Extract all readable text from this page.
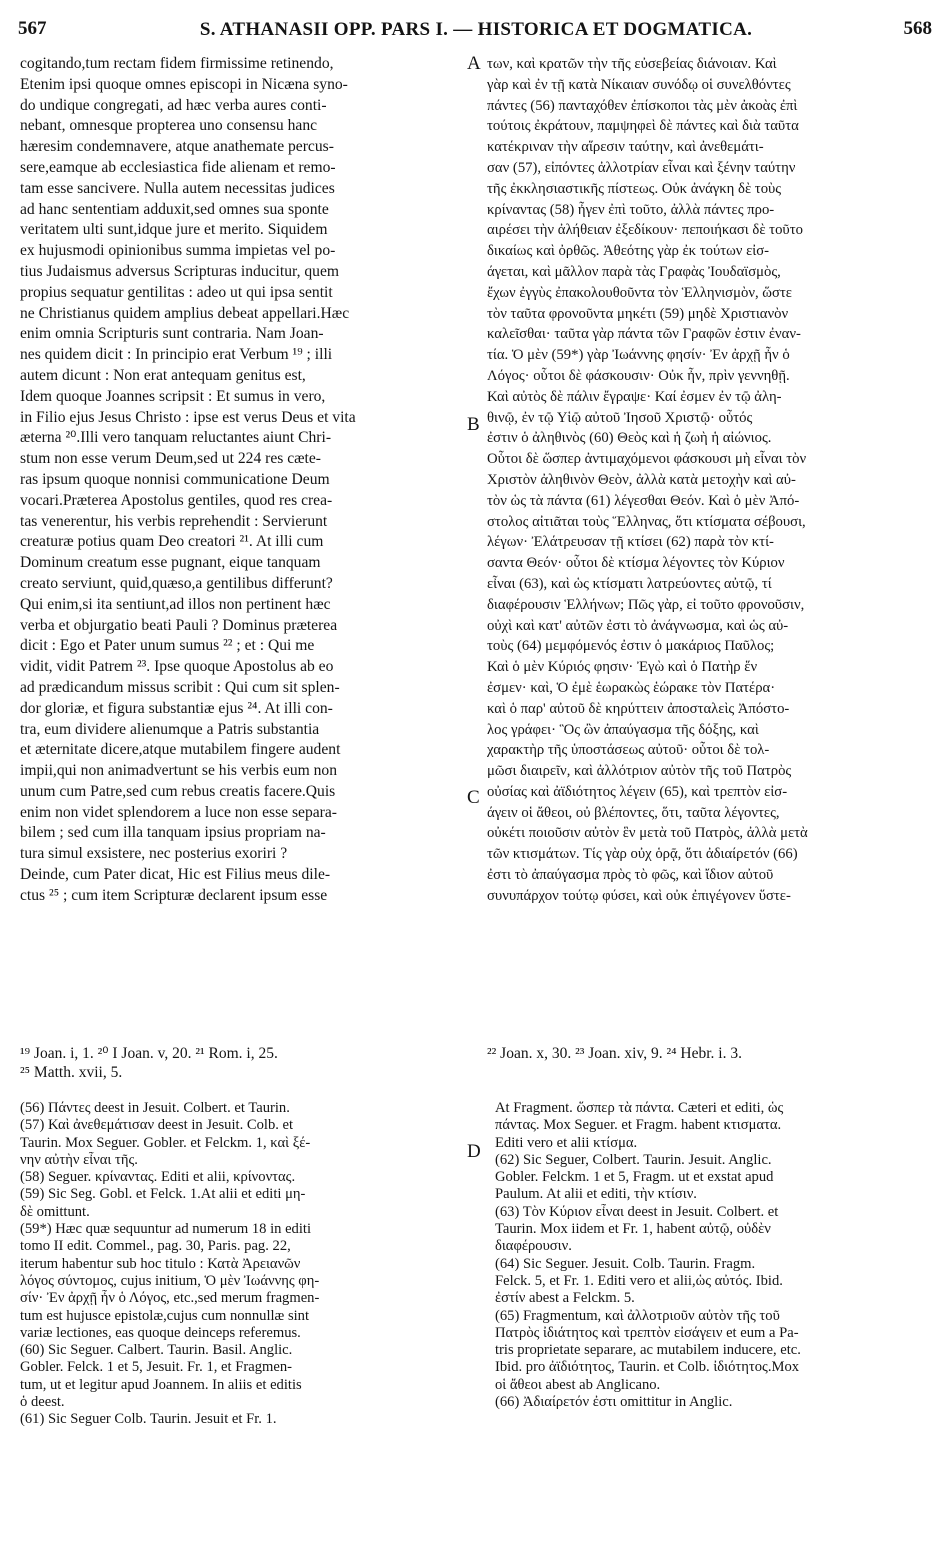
567	S. ATHANASII OPP. PARS I. — HISTORICA ET DOGMATICA.	568

cogitando,tum rectam fidem firmissime retinendo,

Etenim ipsi quoque omnes episcopi in Nicæna syno-

do undique congregati, ad hæc verba aures conti-

nebant, omnesque propterea uno consensu hanc

hæresim condemnavere, atque anathemate percus-

sere,eamque ab ecclesiastica fide alienam et remo-

tam esse sancivere. Nulla autem necessitas judices

ad hanc sententiam adduxit,sed omnes sua sponte

veritatem ulti sunt,idque jure et merito. Siquidem

ex hujusmodi opinionibus summa impietas vel po-

tius Judaismus adversus Scripturas inducitur, quem

propius sequatur gentilitas : adeo ut qui ipsa sentit

ne Christianus quidem amplius debeat appellari.Hæc

enim omnia Scripturis sunt contraria. Nam Joan-

nes quidem dicit : In principio erat Verbum ¹⁹ ; illi

autem dicunt : Non erat antequam genitus est,

Idem quoque Joannes scripsit : Et sumus in vero,

in Filio ejus Jesus Christo : ipse est verus Deus et vita

æterna ²⁰.Illi vero tanquam reluctantes aiunt Chri-

stum non esse verum Deum,sed ut 224 res cæte-

ras ipsum quoque nonnisi communicatione Deum

vocari.Præterea Apostolus gentiles, quod res crea-

tas venerentur, his verbis reprehendit : Servierunt

creaturæ potius quam Deo creatori ²¹. At illi cum

Dominum creatum esse pugnant, eique tanquam

creato serviunt, quid,quæso,a gentilibus differunt?

Qui enim,si ita sentiunt,ad illos non pertinent hæc

verba et objurgatio beati Pauli ? Dominus præterea

dicit : Ego et Pater unum sumus ²² ; et : Qui me

vidit, vidit Patrem ²³. Ipse quoque Apostolus ab eo

ad prædicandum missus scribit : Qui cum sit splen-

dor gloriæ, et figura substantiæ ejus ²⁴. At illi con-

tra, eum dividere alienumque a Patris substantia

et æternitate dicere,atque mutabilem fingere audent

impii,qui non animadvertunt se his verbis eum non

unum cum Patre,sed cum rebus creatis facere.Quis

enim non videt splendorem a luce non esse separa-

bilem ; sed cum illa tanquam ipsius propriam na-

tura simul exsistere, nec posterius exoriri ?

Deinde, cum Pater dicat, Hic est Filius meus dile-

ctus ²⁵ ; cum item Scripturæ declarent ipsum esse

των, καὶ κρατῶν τὴν τῆς εὐσεβείας διάνοιαν. Καὶ

γὰρ καὶ ἐν τῇ κατὰ Νίκαιαν συνόδῳ οἱ συνελθόντες

πάντες (56) πανταχόθεν ἐπίσκοποι τὰς μὲν ἀκοὰς ἐπὶ

τούτοις ἐκράτουν, παμψηφεὶ δὲ πάντες καὶ διὰ ταῦτα

κατέκριναν τὴν αἵρεσιν ταύτην, καὶ ἀνεθεμάτι-

σαν (57), εἰπόντες ἀλλοτρίαν εἶναι καὶ ξένην ταύτην

τῆς ἐκκλησιαστικῆς πίστεως. Οὐκ ἀνάγκη δὲ τοὺς

κρίναντας (58) ἦγεν ἐπὶ τοῦτο, ἀλλὰ πάντες προ-

αιρέσει τὴν ἀλήθειαν ἐξεδίκουν· πεποιήκασι δὲ τοῦτο

δικαίως καὶ ὀρθῶς. Ἀθεότης γὰρ ἐκ τούτων εἰσ-

άγεται, καὶ μᾶλλον παρὰ τὰς Γραφὰς Ἰουδαϊσμὸς,

ἔχων ἐγγὺς ἐπακολουθοῦντα τὸν Ἑλληνισμὸν, ὥστε

τὸν ταῦτα φρονοῦντα μηκέτι (59) μηδὲ Χριστιανὸν

καλεῖσθαι· ταῦτα γὰρ πάντα τῶν Γραφῶν ἐστιν ἐναν-

τία. Ὁ μὲν (59*) γὰρ Ἰωάννης φησίν· Ἐν ἀρχῇ ἦν ὁ

Λόγος· οὗτοι δὲ φάσκουσιν· Οὐκ ἦν, πρὶν γεννηθῇ.

Καὶ αὐτὸς δὲ πάλιν ἔγραψε· Καί ἐσμεν ἐν τῷ ἀλη-

θινῷ, ἐν τῷ Υἱῷ αὐτοῦ Ἰησοῦ Χριστῷ· οὗτός

ἐστιν ὁ ἀληθινὸς (60) Θεὸς καὶ ἡ ζωὴ ἡ αἰώνιος.

Οὗτοι δὲ ὥσπερ ἀντιμαχόμενοι φάσκουσι μὴ εἶναι τὸν

Χριστὸν ἀληθινὸν Θεὸν, ἀλλὰ κατὰ μετοχὴν καὶ αὐ-

τὸν ὡς τὰ πάντα (61) λέγεσθαι Θεόν. Καὶ ὁ μὲν Ἀπό-

στολος αἰτιᾶται τοὺς Ἕλληνας, ὅτι κτίσματα σέβουσι,

λέγων· Ἐλάτρευσαν τῇ κτίσει (62) παρὰ τὸν κτί-

σαντα Θεόν· οὗτοι δὲ κτίσμα λέγοντες τὸν Κύριον

εἶναι (63), καὶ ὡς κτίσματι λατρεύοντες αὐτῷ, τί

διαφέρουσιν Ἑλλήνων; Πῶς γὰρ, εἰ τοῦτο φρονοῦσιν,

οὐχὶ καὶ κατ' αὐτῶν ἐστι τὸ ἀνάγνωσμα, καὶ ὡς αὐ-

τοὺς (64) μεμφόμενός ἐστιν ὁ μακάριος Παῦλος;

Καὶ ὁ μὲν Κύριός φησιν· Ἐγὼ καὶ ὁ Πατὴρ ἕν

ἐσμεν· καὶ, Ὁ ἐμὲ ἑωρακὼς ἑώρακε τὸν Πατέρα·

καὶ ὁ παρ' αὐτοῦ δὲ κηρύττειν ἀποσταλεὶς Ἀπόστο-

λος γράφει· Ὃς ὢν ἀπαύγασμα τῆς δόξης, καὶ

χαρακτὴρ τῆς ὑποστάσεως αὐτοῦ· οὗτοι δὲ τολ-

μῶσι διαιρεῖν, καὶ ἀλλότριον αὐτὸν τῆς τοῦ Πατρὸς

οὐσίας καὶ ἀϊδιότητος λέγειν (65), καὶ τρεπτὸν εἰσ-

άγειν οἱ ἄθεοι, οὐ βλέποντες, ὅτι, ταῦτα λέγοντες,

οὐκέτι ποιοῦσιν αὐτὸν ἓν μετὰ τοῦ Πατρὸς, ἀλλὰ μετὰ

τῶν κτισμάτων. Τίς γὰρ οὐχ ὁρᾷ, ὅτι ἀδιαίρετόν (66)

ἐστι τὸ ἀπαύγασμα πρὸς τὸ φῶς, καὶ ἴδιον αὐτοῦ

συνυπάρχον τούτῳ φύσει, καὶ οὐκ ἐπιγέγονεν ὕστε-

A
B
C
D

¹⁹ Joan. i, 1. ²⁰ I Joan. v, 20. ²¹ Rom. i, 25.

²⁵ Matth. xvii, 5.

²² Joan. x, 30. ²³ Joan. xiv, 9. ²⁴ Hebr. i. 3.

(56) Πάντες deest in Jesuit. Colbert. et Taurin.

(57) Καὶ ἀνεθεμάτισαν deest in Jesuit. Colb. et

Taurin. Mox Seguer. Gobler. et Felckm. 1, καὶ ξέ-

νην αὐτὴν εἶναι τῆς.

(58) Seguer. κρίναντας. Editi et alii, κρίνοντας.

(59) Sic Seg. Gobl. et Felck. 1.At alii et editi μη-

δὲ omittunt.

(59*) Hæc quæ sequuntur ad numerum 18 in editi

tomo II edit. Commel., pag. 30, Paris. pag. 22,

iterum habentur sub hoc titulo : Κατὰ Ἀρειανῶν

λόγος σύντομος, cujus initium, Ὁ μὲν Ἰωάννης φη-

σίν· Ἐν ἀρχῇ ἦν ὁ Λόγος, etc.,sed merum fragmen-

tum est hujusce epistolæ,cujus cum nonnullæ sint

variæ lectiones, eas quoque deinceps referemus.

(60) Sic Seguer. Calbert. Taurin. Basil. Anglic.

Gobler. Felck. 1 et 5, Jesuit. Fr. 1, et Fragmen-

tum, ut et legitur apud Joannem. In aliis et editis

ὁ deest.

(61) Sic Seguer Colb. Taurin. Jesuit et Fr. 1.

At Fragment. ὥσπερ τὰ πάντα. Cæteri et editi, ὡς

πάντας. Mox Seguer. et Fragm. habent κτισματα.

Editi vero et alii κτίσμα.

(62) Sic Seguer, Colbert. Taurin. Jesuit. Anglic.

Gobler. Felckm. 1 et 5, Fragm. ut et exstat apud

Paulum. At alii et editi, τὴν κτίσιν.

(63) Τὸν Κύριον εἶναι deest in Jesuit. Colbert. et

Taurin. Mox iidem et Fr. 1, habent αὐτῷ, οὐδὲν

διαφέρουσιν.

(64) Sic Seguer. Jesuit. Colb. Taurin. Fragm.

Felck. 5, et Fr. 1. Editi vero et alii,ὡς αὐτός. Ibid.

ἐστίν abest a Felckm. 5.

(65) Fragmentum, καὶ ἀλλοτριοῦν αὐτὸν τῆς τοῦ

Πατρὸς ἰδιάτητος καὶ τρεπτὸν εἰσάγειν et eum a Pa-

tris proprietate separare, ac mutabilem inducere, etc.

Ibid. pro ἀϊδιότητος, Taurin. et Colb. ἰδιότητος.Mox

οἱ ἄθεοι abest ab Anglicano.

(66) Ἀδιαίρετόν ἐστι omittitur in Anglic.
